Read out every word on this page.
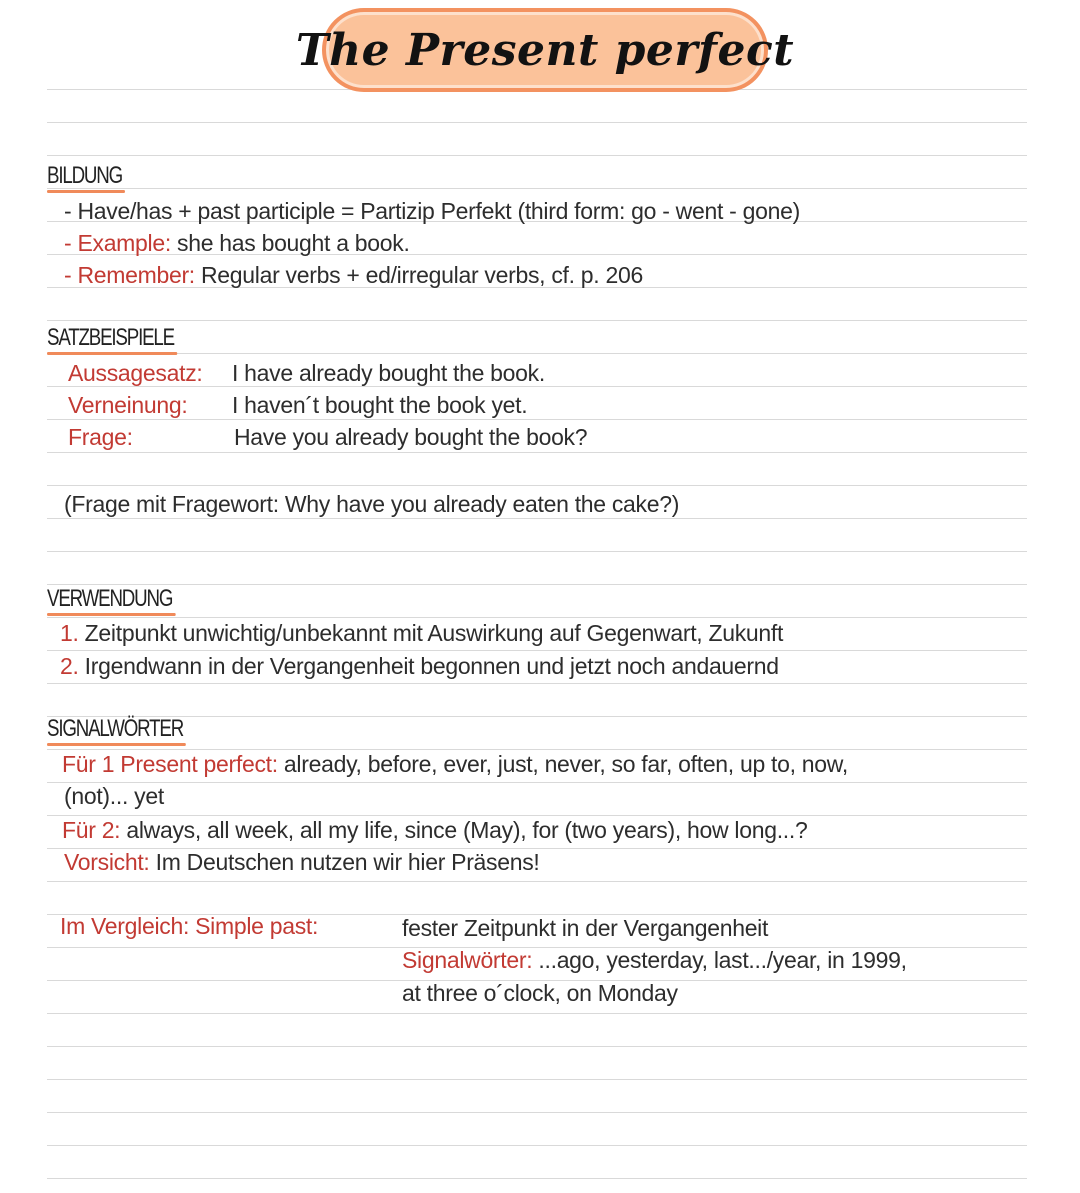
The Present perfect
BILDUNG
- Have/has + past participle = Partizip Perfekt (third form: go - went - gone)
- Example: she has bought a book.
- Remember: Regular verbs + ed/irregular verbs, cf. p. 206
SATZBEISPIELE
Aussagesatz: I have already bought the book.
Verneinung: I haven´t bought the book yet.
Frage:	Have you already bought the book?
(Frage mit Fragewort: Why have you already eaten the cake?)
VERWENDUNG
1. Zeitpunkt unwichtig/unbekannt mit Auswirkung auf Gegenwart, Zukunft
2. Irgendwann in der Vergangenheit begonnen und jetzt noch andauernd
SIGNALWÖRTER
Für 1 Present perfect: already, before, ever, just, never, so far, often, up to, now,
(not)... yet
Für 2: always, all week, all my life, since (May), for (two years), how long...?
Vorsicht: Im Deutschen nutzen wir hier Präsens!
Im Vergleich: Simple past:	fester Zeitpunkt in der Vergangenheit
Signalwörter: ...ago, yesterday, last.../year, in 1999,
at three o´clock, on Monday
